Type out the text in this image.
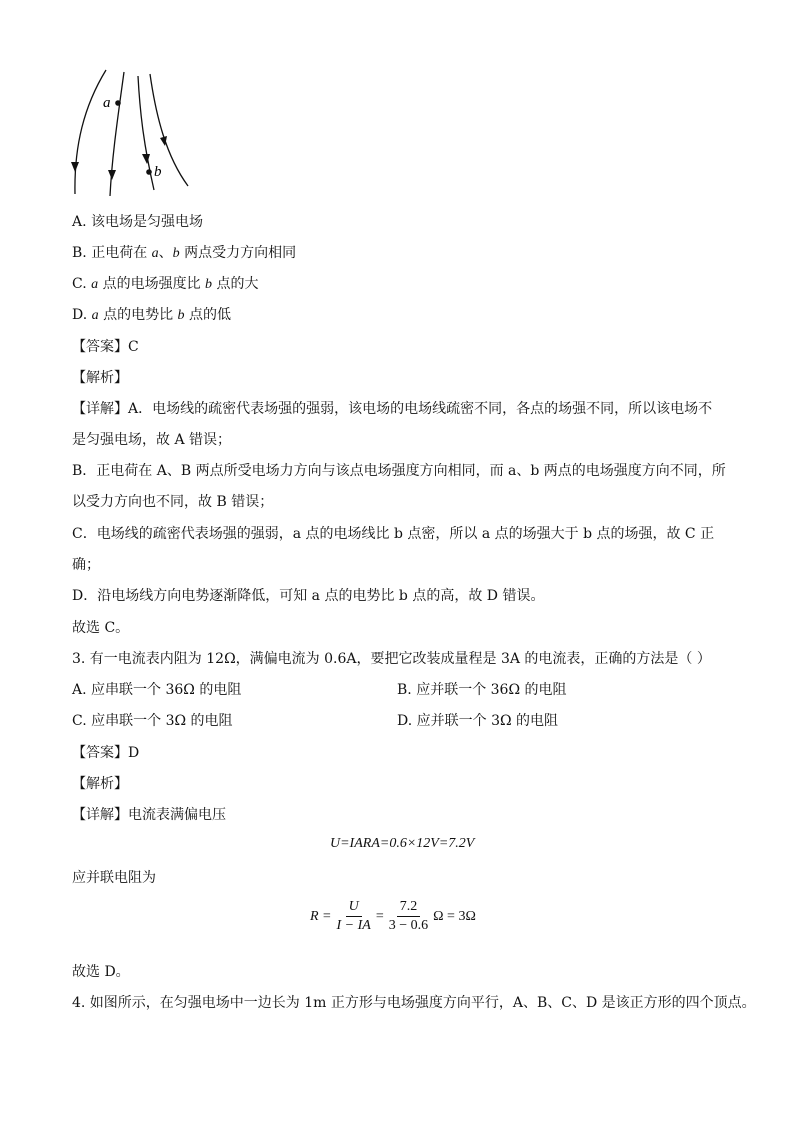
a
b
A. 该电场是匀强电场
B. 正电荷在 a、b 两点受力方向相同
C. a 点的电场强度比 b 点的大
D. a 点的电势比 b 点的低
【答案】C
【解析】
【详解】A．电场线的疏密代表场强的强弱，该电场的电场线疏密不同，各点的场强不同，所以该电场不
是匀强电场，故 A 错误；
B．正电荷在 A、B 两点所受电场力方向与该点电场强度方向相同，而 a、b 两点的电场强度方向不同，所
以受力方向也不同，故 B 错误；
C．电场线的疏密代表场强的强弱，a 点的电场线比 b 点密，所以 a 点的场强大于 b 点的场强，故 C 正
确；
D．沿电场线方向电势逐渐降低，可知 a 点的电势比 b 点的高，故 D 错误。
故选 C。
3. 有一电流表内阻为 12Ω，满偏电流为 0.6A，要把它改装成量程是 3A 的电流表，正确的方法是（ ）
A. 应串联一个 36Ω 的电阻	B. 应并联一个 36Ω 的电阻
C. 应串联一个 3Ω 的电阻	D. 应并联一个 3Ω 的电阻
【答案】D
【解析】
【详解】电流表满偏电压
U=IARA=0.6×12V=7.2V
应并联电阻为
$R = \frac{U}{I - IA} = \frac{7.2}{3 - 0.6}$ Ω = 3Ω
故选 D。
4. 如图所示，在匀强电场中一边长为 1m 正方形与电场强度方向平行，A、B、C、D 是该正方形的四个顶点。
